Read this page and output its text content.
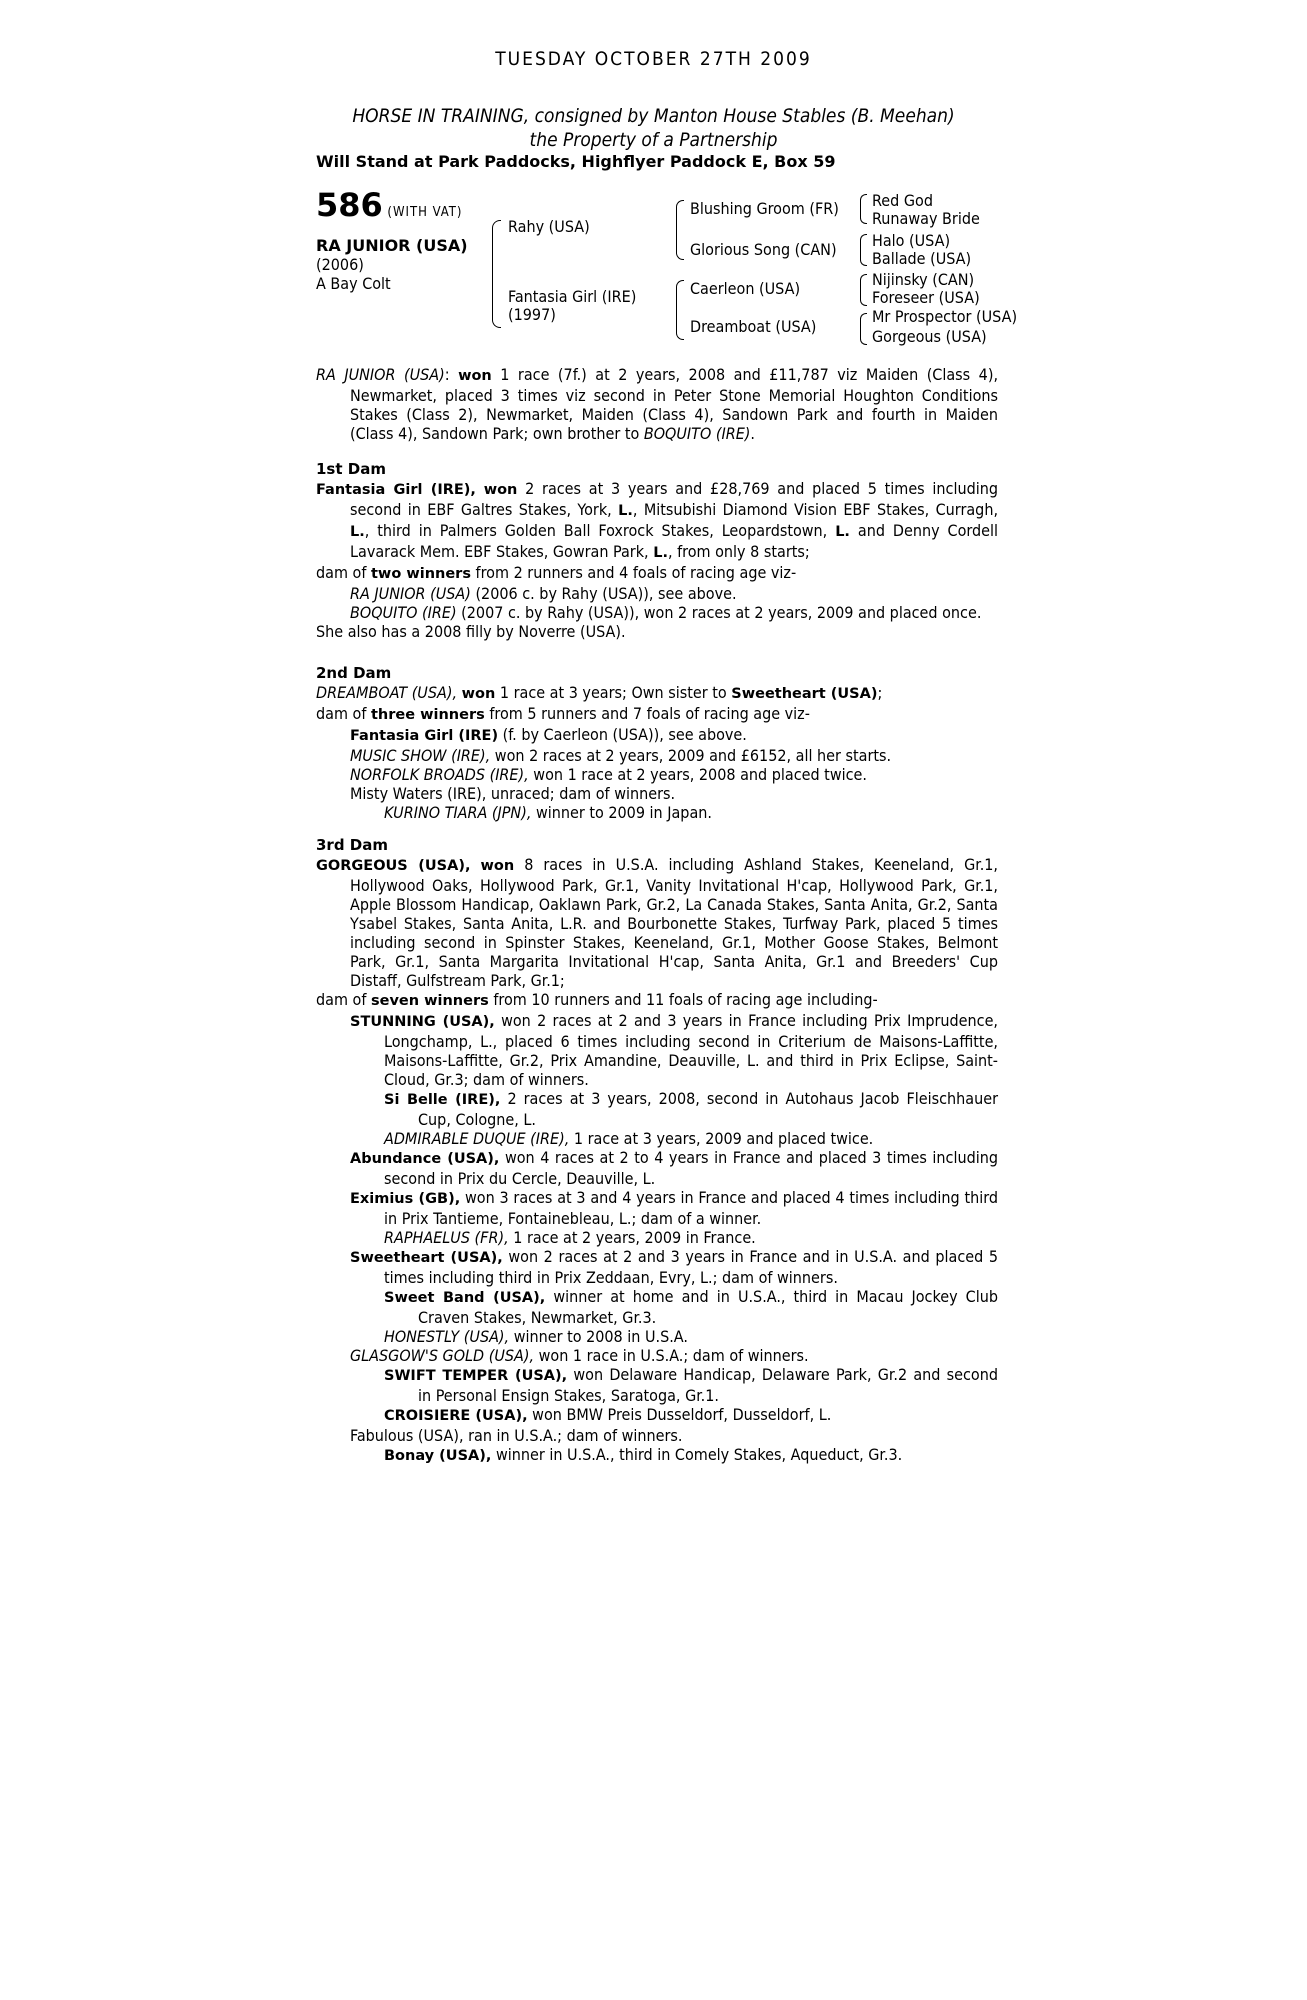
TUESDAY OCTOBER 27TH 2009
HORSE IN TRAINING, consigned by Manton House Stables (B. Meehan)
the Property of a Partnership
Will Stand at Park Paddocks, Highflyer Paddock E, Box 59
586 (WITH VAT)
RA JUNIOR (USA)
(2006)
A Bay Colt
Rahy (USA)
Fantasia Girl (IRE)
(1997)
Blushing Groom (FR)
Glorious Song (CAN)
Caerleon (USA)
Dreamboat (USA)
Red God
Runaway Bride
Halo (USA)
Ballade (USA)
Nijinsky (CAN)
Foreseer (USA)
Mr Prospector (USA)
Gorgeous (USA)

RA JUNIOR (USA): won 1 race (7f.) at 2 years, 2008 and £11,787 viz Maiden (Class 4), Newmarket, placed 3 times viz second in Peter Stone Memorial Houghton Conditions Stakes (Class 2), Newmarket, Maiden (Class 4), Sandown Park and fourth in Maiden (Class 4), Sandown Park; own brother to BOQUITO (IRE).

1st Dam

Fantasia Girl (IRE), won 2 races at 3 years and £28,769 and placed 5 times including second in EBF Galtres Stakes, York, L., Mitsubishi Diamond Vision EBF Stakes, Curragh, L., third in Palmers Golden Ball Foxrock Stakes, Leopardstown, L. and Denny Cordell Lavarack Mem. EBF Stakes, Gowran Park, L., from only 8 starts;

dam of two winners from 2 runners and 4 foals of racing age viz-

RA JUNIOR (USA) (2006 c. by Rahy (USA)), see above.

BOQUITO (IRE) (2007 c. by Rahy (USA)), won 2 races at 2 years, 2009 and placed once.

She also has a 2008 filly by Noverre (USA).

2nd Dam

DREAMBOAT (USA), won 1 race at 3 years; Own sister to Sweetheart (USA);

dam of three winners from 5 runners and 7 foals of racing age viz-

Fantasia Girl (IRE) (f. by Caerleon (USA)), see above.

MUSIC SHOW (IRE), won 2 races at 2 years, 2009 and £6152, all her starts.

NORFOLK BROADS (IRE), won 1 race at 2 years, 2008 and placed twice.

Misty Waters (IRE), unraced; dam of winners.

KURINO TIARA (JPN), winner to 2009 in Japan.

3rd Dam

GORGEOUS (USA), won 8 races in U.S.A. including Ashland Stakes, Keeneland, Gr.1, Hollywood Oaks, Hollywood Park, Gr.1, Vanity Invitational H'cap, Hollywood Park, Gr.1, Apple Blossom Handicap, Oaklawn Park, Gr.2, La Canada Stakes, Santa Anita, Gr.2, Santa Ysabel Stakes, Santa Anita, L.R. and Bourbonette Stakes, Turfway Park, placed 5 times including second in Spinster Stakes, Keeneland, Gr.1, Mother Goose Stakes, Belmont Park, Gr.1, Santa Margarita Invitational H'cap, Santa Anita, Gr.1 and Breeders' Cup Distaff, Gulfstream Park, Gr.1;

dam of seven winners from 10 runners and 11 foals of racing age including-

STUNNING (USA), won 2 races at 2 and 3 years in France including Prix Imprudence, Longchamp, L., placed 6 times including second in Criterium de Maisons-Laffitte, Maisons-Laffitte, Gr.2, Prix Amandine, Deauville, L. and third in Prix Eclipse, Saint-Cloud, Gr.3; dam of winners.

Si Belle (IRE), 2 races at 3 years, 2008, second in Autohaus Jacob Fleischhauer Cup, Cologne, L.

ADMIRABLE DUQUE (IRE), 1 race at 3 years, 2009 and placed twice.

Abundance (USA), won 4 races at 2 to 4 years in France and placed 3 times including second in Prix du Cercle, Deauville, L.

Eximius (GB), won 3 races at 3 and 4 years in France and placed 4 times including third in Prix Tantieme, Fontainebleau, L.; dam of a winner.

RAPHAELUS (FR), 1 race at 2 years, 2009 in France.

Sweetheart (USA), won 2 races at 2 and 3 years in France and in U.S.A. and placed 5 times including third in Prix Zeddaan, Evry, L.; dam of winners.

Sweet Band (USA), winner at home and in U.S.A., third in Macau Jockey Club Craven Stakes, Newmarket, Gr.3.

HONESTLY (USA), winner to 2008 in U.S.A.

GLASGOW'S GOLD (USA), won 1 race in U.S.A.; dam of winners.

SWIFT TEMPER (USA), won Delaware Handicap, Delaware Park, Gr.2 and second in Personal Ensign Stakes, Saratoga, Gr.1.

CROISIERE (USA), won BMW Preis Dusseldorf, Dusseldorf, L.

Fabulous (USA), ran in U.S.A.; dam of winners.

Bonay (USA), winner in U.S.A., third in Comely Stakes, Aqueduct, Gr.3.
